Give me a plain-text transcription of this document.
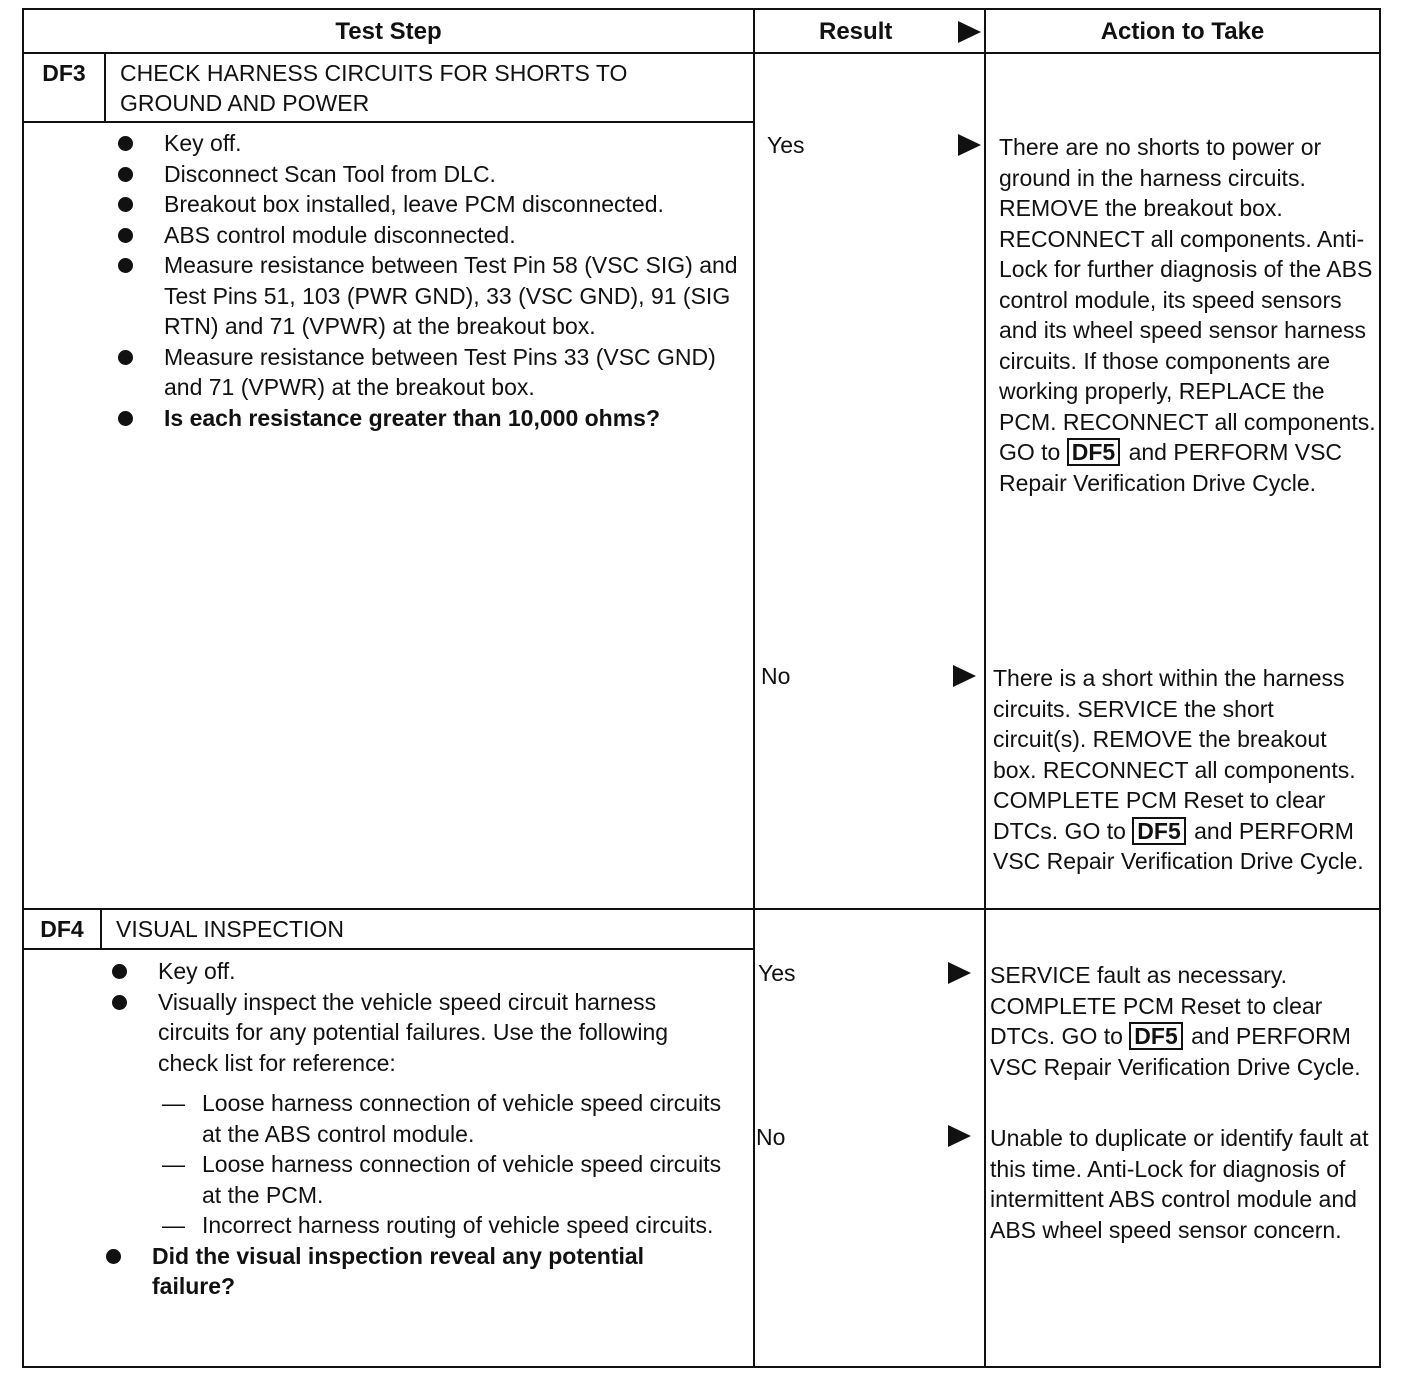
Test Step	Result	Action to Take
DF3	CHECK HARNESS CIRCUITS FOR SHORTS TO GROUND AND POWER
Key off.
Disconnect Scan Tool from DLC.
Breakout box installed, leave PCM disconnected.
ABS control module disconnected.
Measure resistance between Test Pin 58 (VSC SIG) and Test Pins 51, 103 (PWR GND), 33 (VSC GND), 91 (SIG RTN) and 71 (VPWR) at the breakout box.
Measure resistance between Test Pins 33 (VSC GND) and 71 (VPWR) at the breakout box.
Is each resistance greater than 10,000 ohms?
Yes	There are no shorts to power or ground in the harness circuits. REMOVE the breakout box. RECONNECT all components. Anti-Lock for further diagnosis of the ABS control module, its speed sensors and its wheel speed sensor harness circuits. If those components are working properly, REPLACE the PCM. RECONNECT all components. GO to DF5 and PERFORM VSC Repair Verification Drive Cycle.
No	There is a short within the harness circuits. SERVICE the short circuit(s). REMOVE the breakout box. RECONNECT all components. COMPLETE PCM Reset to clear DTCs. GO to DF5 and PERFORM VSC Repair Verification Drive Cycle.
DF4	VISUAL INSPECTION
Key off.
Visually inspect the vehicle speed circuit harness circuits for any potential failures. Use the following check list for reference:
— Loose harness connection of vehicle speed circuits at the ABS control module.
— Loose harness connection of vehicle speed circuits at the PCM.
— Incorrect harness routing of vehicle speed circuits.
Did the visual inspection reveal any potential failure?
Yes	SERVICE fault as necessary. COMPLETE PCM Reset to clear DTCs. GO to DF5 and PERFORM VSC Repair Verification Drive Cycle.
No	Unable to duplicate or identify fault at this time. Anti-Lock for diagnosis of intermittent ABS control module and ABS wheel speed sensor concern.
